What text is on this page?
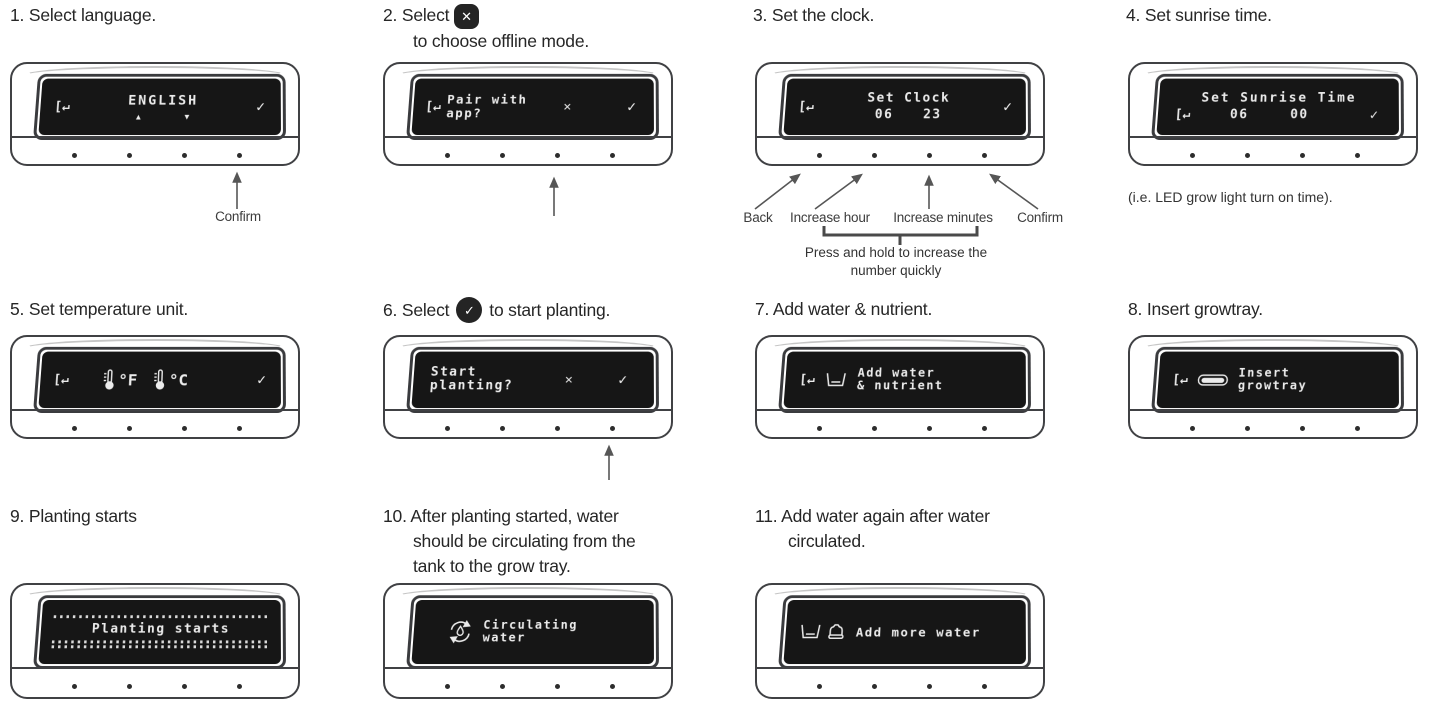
1. Select language.	2. Select ✕
to choose offline mode.
3. Set the clock.	4. Set sunrise time.
5. Set temperature unit.	6. Select	✓ to start planting.	7. Add water & nutrient.	8. Insert growtray.
9. Planting starts	10. After planting started, water
should be circulating from the
tank to the grow tray.
11. Add water again after water
circulated.
[↵	ENGLISH
▲	▼
✓
Confirm
[↵ Pair with
app?	✕	✓	[↵
Set Clock
06 23	✓
Back	Increase hour	Increase minutes	Confirm
Press and hold to increase the
number quickly
Set Sunrise Time
[↵	06	00	✓
(i.e. LED grow light turn on time).
[↵	°F °C	✓	Start
planting?	✕	✓	[↵	Add water
& nutrient	[↵	Insert
growtray
Planting starts	Circulating
water	Add more water
